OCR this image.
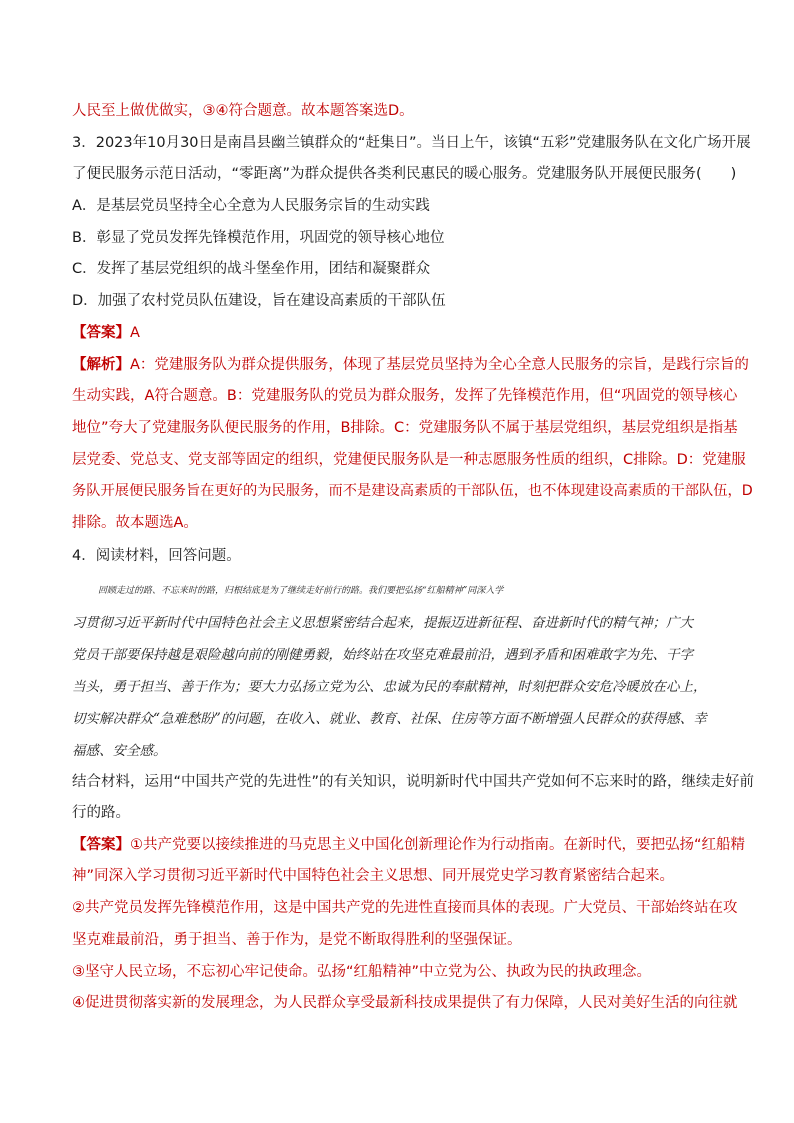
人民至上做优做实，③④符合题意。故本题答案选D。
3．2023年10月30日是南昌县幽兰镇群众的“赶集日”。当日上午，该镇“五彩”党建服务队在文化广场开展
了便民服务示范日活动，“零距离”为群众提供各类利民惠民的暖心服务。党建服务队开展便民服务(　　)
A．是基层党员坚持全心全意为人民服务宗旨的生动实践
B．彰显了党员发挥先锋模范作用，巩固党的领导核心地位
C．发挥了基层党组织的战斗堡垒作用，团结和凝聚群众
D．加强了农村党员队伍建设，旨在建设高素质的干部队伍
【答案】A
【解析】A：党建服务队为群众提供服务，体现了基层党员坚持为全心全意人民服务的宗旨，是践行宗旨的
生动实践，A符合题意。B：党建服务队的党员为群众服务，发挥了先锋模范作用，但“巩固党的领导核心
地位”夸大了党建服务队便民服务的作用，B排除。C：党建服务队不属于基层党组织，基层党组织是指基
层党委、党总支、党支部等固定的组织，党建便民服务队是一种志愿服务性质的组织，C排除。D：党建服
务队开展便民服务旨在更好的为民服务，而不是建设高素质的干部队伍，也不体现建设高素质的干部队伍，D
排除。故本题选A。
4．阅读材料，回答问题。
回顾走过的路、不忘来时的路，归根结底是为了继续走好前行的路。我们要把弘扬“红船精神”同深入学
习贯彻习近平新时代中国特色社会主义思想紧密结合起来，提振迈进新征程、奋进新时代的精气神；广大
党员干部要保持越是艰险越向前的刚健勇毅，始终站在攻坚克难最前沿，遇到矛盾和困难敢字为先、干字
当头，勇于担当、善于作为；要大力弘扬立党为公、忠诚为民的奉献精神，时刻把群众安危冷暖放在心上，
切实解决群众“急难愁盼”的问题，在收入、就业、教育、社保、住房等方面不断增强人民群众的获得感、幸
福感、安全感。
结合材料，运用“中国共产党的先进性”的有关知识，说明新时代中国共产党如何不忘来时的路，继续走好前
行的路。
【答案】①共产党要以接续推进的马克思主义中国化创新理论作为行动指南。在新时代，要把弘扬“红船精
神”同深入学习贯彻习近平新时代中国特色社会主义思想、同开展党史学习教育紧密结合起来。
②共产党员发挥先锋模范作用，这是中国共产党的先进性直接而具体的表现。广大党员、干部始终站在攻
坚克难最前沿，勇于担当、善于作为，是党不断取得胜利的坚强保证。
③坚守人民立场，不忘初心牢记使命。弘扬“红船精神”中立党为公、执政为民的执政理念。
④促进贯彻落实新的发展理念，为人民群众享受最新科技成果提供了有力保障，人民对美好生活的向往就
